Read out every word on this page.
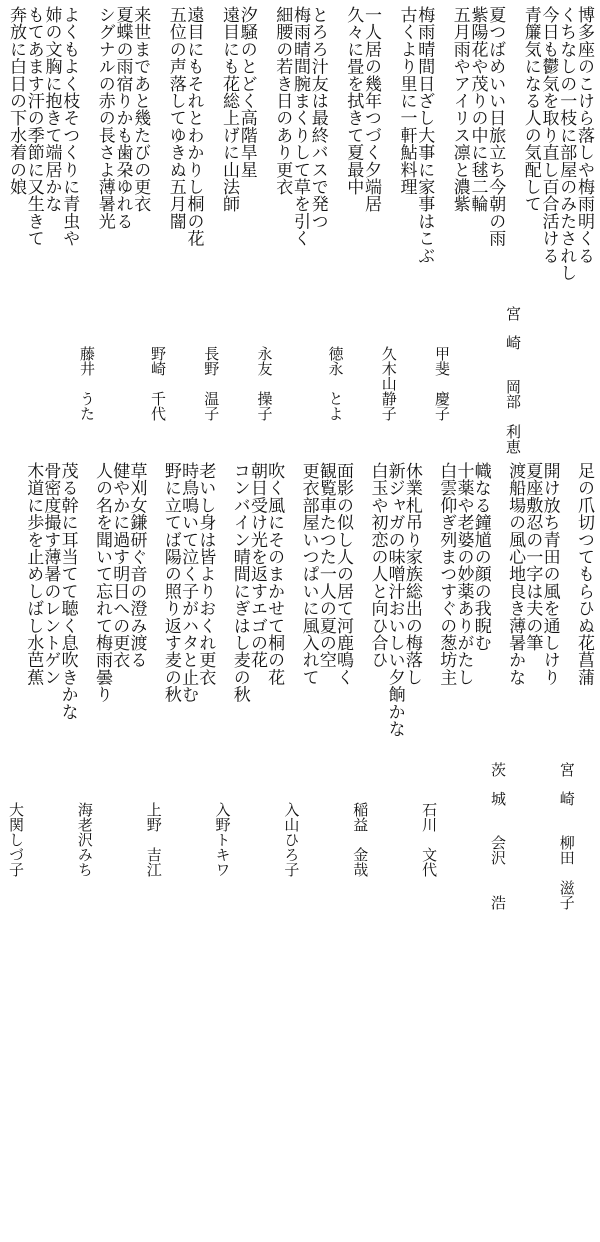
博多座のこけら落しや梅雨明くる
くちなしの一枝に部屋のみたされし
今日も鬱気を取り直し百合活ける
青簾気になる人の気配して
宮崎　岡部　利恵
夏つばめいい日旅立ち今朝の雨
紫陽花や茂りの中に毬二輪
五月雨やアイリス凛と濃紫
甲斐　慶子
梅雨晴間日ざし大事に家事はこぶ
古くより里に一軒鮎料理
久木山静子
一人居の幾年つづく夕端居
久々に畳を拭きて夏最中
徳永　とよ
とろろ汁友は最終バスで発つ
梅雨晴間腕まくりして草を引く
細腰の若き日のあり更衣
永友　操子
汐騒のとどく高階旱星
遠目にも花総上げに山法師
長野　温子
遠目にもそれとわかりし桐の花
五位の声落してゆきぬ五月闇
野崎　千代
来世まであと幾たびの更衣
夏蝶の雨宿りかも歯朶ゆれる
シグナルの赤の長さよ薄暑光
藤井　うた
よくもよく枝そつくりに青虫や
姉の文胸に抱きて端居かな
もてあます汗の季節に又生きて
奔放に白日の下水着の娘
足の爪切つてもらひぬ花菖蒲
宮崎　柳田　滋子
開け放ち青田の風を通しけり
夏座敷忍の一字は夫の筆
渡船場の風心地良き薄暑かな
茨城　会沢　　浩
幟なる鐘馗の顔の我睨む
十薬や老婆の妙薬ありがたし
白雲仰ぎ列まつすぐの葱坊主
石川　文代
休業札吊り家族総出の梅落し
新ジャガの味噌汁おいしい夕餉かな
白玉や初恋の人と向ひ合ひ
稲益　金哉
面影の似し人の居て河鹿鳴く
観覧車たつた一人の夏の空
更衣部屋いつぱいに風入れて
入山ひろ子
吹く風にそのまかせて桐の花
朝日受け光を返すエゴの花
コンバイン晴間にぎはし麦の秋
入野トキワ
老いし身は皆よりおくれ更衣
時鳥鳴いて泣く子がハタと止む
野に立てば陽の照り返す麦の秋
上野　吉江
草刈女鎌研ぐ音の澄み渡る
健やかに過す明日への更衣
人の名を聞いて忘れて梅雨曇り
海老沢みち
茂る幹に耳当てて聴く息吹きかな
骨密度撮す薄暑のレントゲン
木道に歩を止めしばし水芭蕉
大関しづ子
